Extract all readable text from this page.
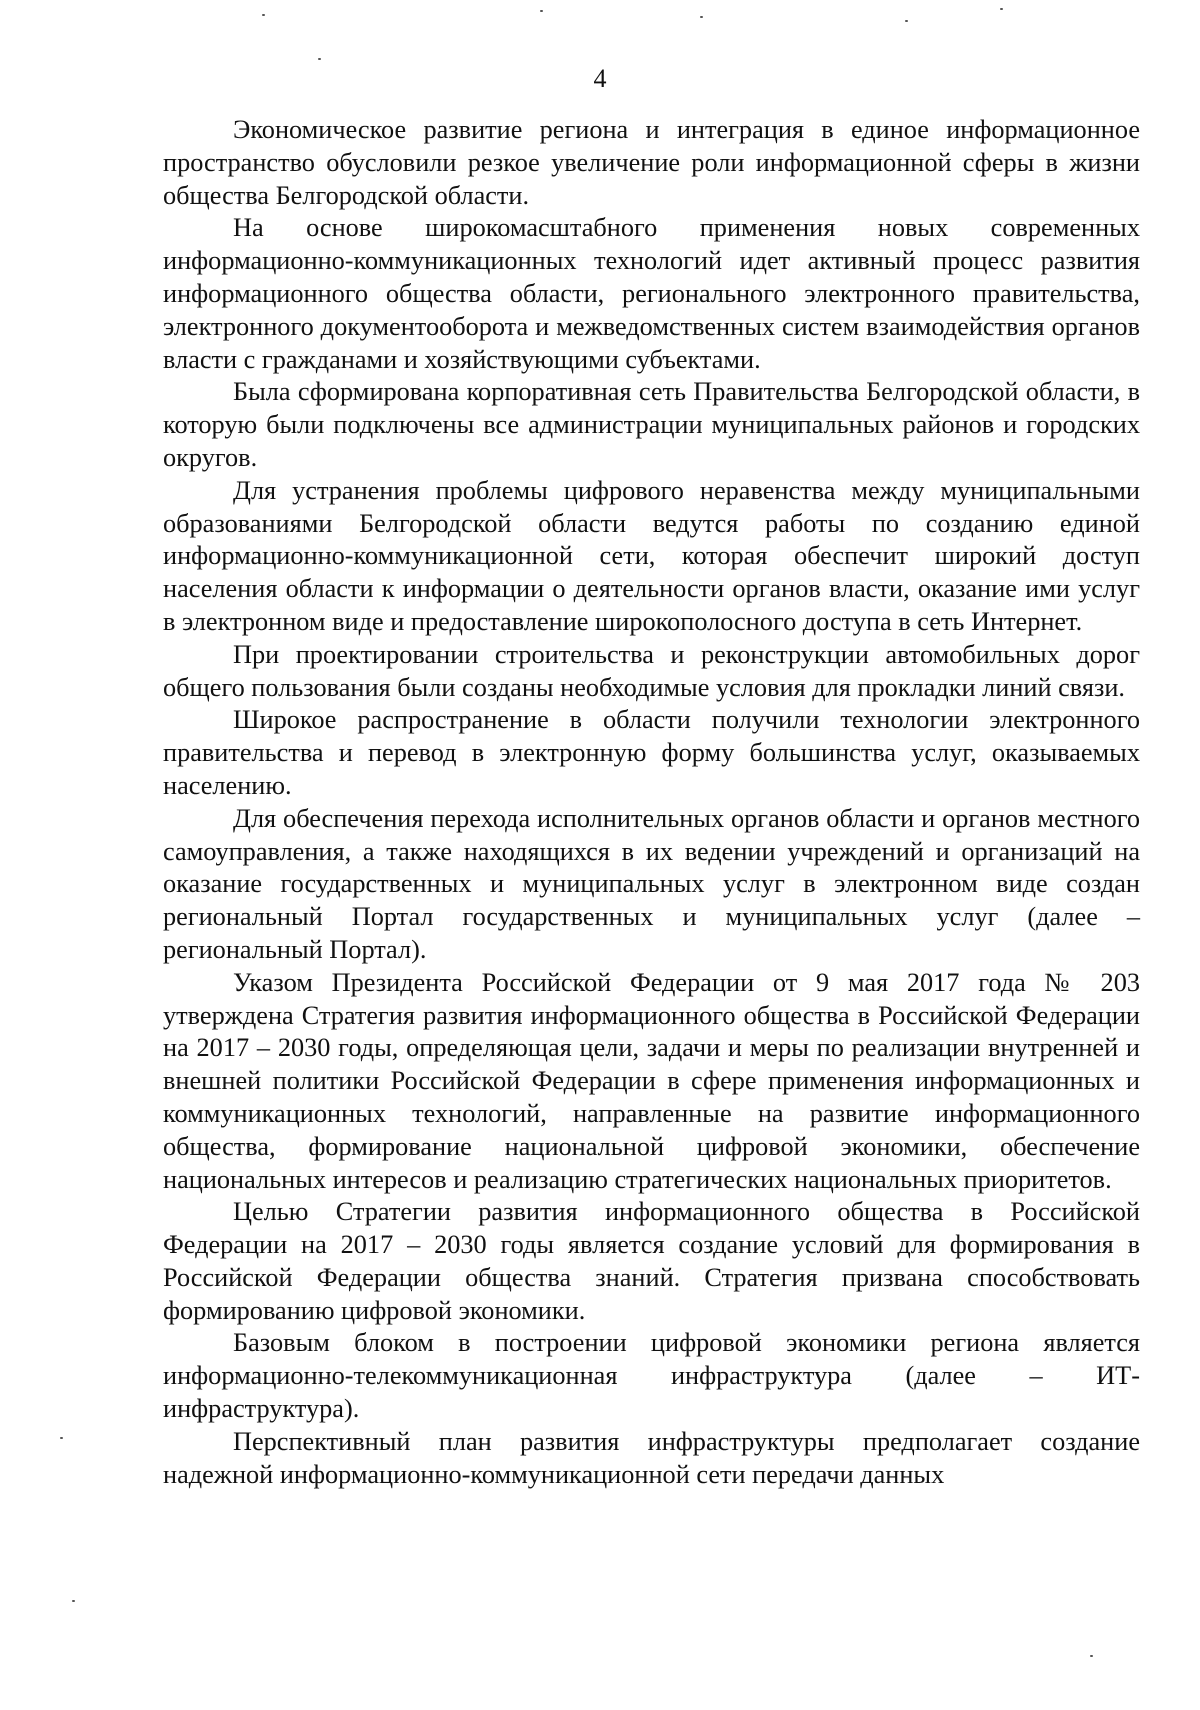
4

Экономическое развитие региона и интеграция в единое информационное пространство обусловили резкое увеличение роли информационной сферы в жизни общества Белгородской области.

На основе широкомасштабного применения новых современных информационно-коммуникационных технологий идет активный процесс развития информационного общества области, регионального электронного правительства, электронного документооборота и межведомственных систем взаимодействия органов власти с гражданами и хозяйствующими субъектами.

Была сформирована корпоративная сеть Правительства Белгородской области, в которую были подключены все администрации муниципальных районов и городских округов.

Для устранения проблемы цифрового неравенства между муниципальными образованиями Белгородской области ведутся работы по созданию единой информационно-коммуникационной сети, которая обеспечит широкий доступ населения области к информации о деятельности органов власти, оказание ими услуг в электронном виде и предоставление широкополосного доступа в сеть Интернет.

При проектировании строительства и реконструкции автомобильных дорог общего пользования были созданы необходимые условия для прокладки линий связи.

Широкое распространение в области получили технологии электронного правительства и перевод в электронную форму большинства услуг, оказываемых населению.

Для обеспечения перехода исполнительных органов области и органов местного самоуправления, а также находящихся в их ведении учреждений и организаций на оказание государственных и муниципальных услуг в электронном виде создан региональный Портал государственных и муниципальных услуг (далее – региональный Портал).

Указом Президента Российской Федерации от 9 мая 2017 года № 203 утверждена Стратегия развития информационного общества в Российской Федерации на 2017 – 2030 годы, определяющая цели, задачи и меры по реализации внутренней и внешней политики Российской Федерации в сфере применения информационных и коммуникационных технологий, направленные на развитие информационного общества, формирование национальной цифровой экономики, обеспечение национальных интересов и реализацию стратегических национальных приоритетов.

Целью Стратегии развития информационного общества в Российской Федерации на 2017 – 2030 годы является создание условий для формирования в Российской Федерации общества знаний. Стратегия призвана способствовать формированию цифровой экономики.

Базовым блоком в построении цифровой экономики региона является информационно-телекоммуникационная инфраструктура (далее – ИТ-инфраструктура).

Перспективный план развития инфраструктуры предполагает создание надежной информационно-коммуникационной сети передачи данных
